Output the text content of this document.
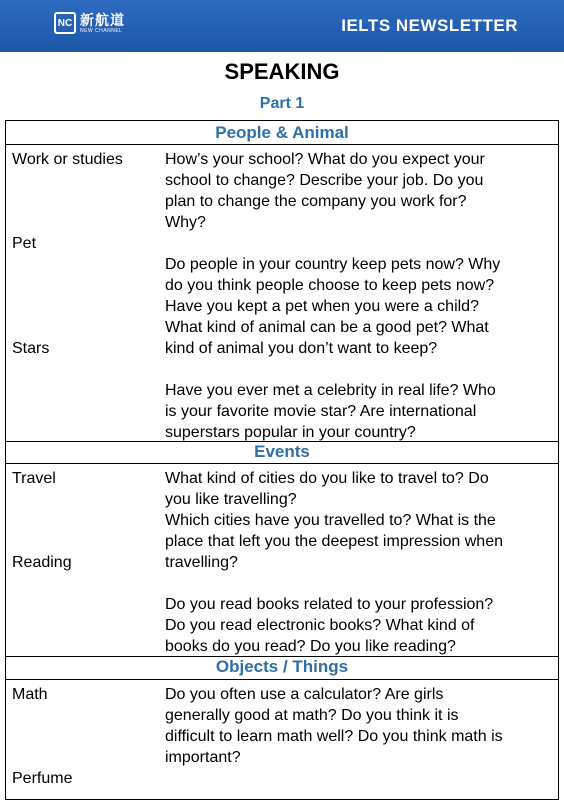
NC 新航道
NEW CHANNEL	IELTS NEWSLETTER
SPEAKING
Part 1
People & Animal
Work or studies
Pet
Stars
How’s your school? What do you expect your
school to change? Describe your job. Do you
plan to change the company you work for?
Why?

Do people in your country keep pets now? Why
do you think people choose to keep pets now?
Have you kept a pet when you were a child?
What kind of animal can be a good pet? What
kind of animal you don’t want to keep?

Have you ever met a celebrity in real life? Who
is your favorite movie star? Are international
superstars popular in your country?
Events
Travel
Reading
What kind of cities do you like to travel to? Do
you like travelling?
Which cities have you travelled to? What is the
place that left you the deepest impression when
travelling?

Do you read books related to your profession?
Do you read electronic books? What kind of
books do you read? Do you like reading?
Objects / Things
Math
Perfume
Do you often use a calculator? Are girls
generally good at math? Do you think it is
difficult to learn math well? Do you think math is
important?
